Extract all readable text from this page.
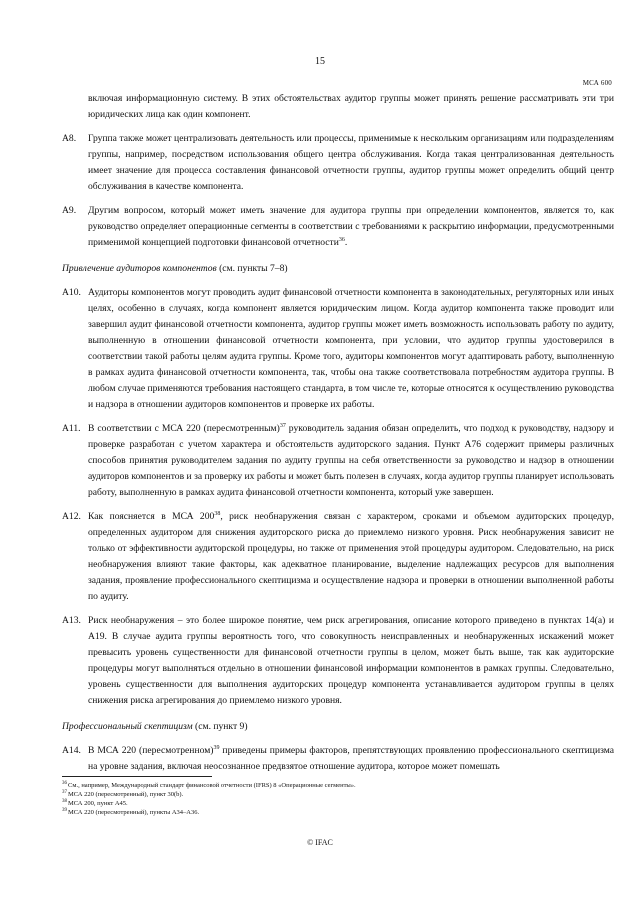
15
МСА 600

включая информационную систему. В этих обстоятельствах аудитор группы может принять решение рассматривать эти три юридических лица как один компонент.

A8. Группа также может централизовать деятельность или процессы, применимые к нескольким организациям или подразделениям группы, например, посредством использования общего центра обслуживания. Когда такая централизованная деятельность имеет значение для процесса составления финансовой отчетности группы, аудитор группы может определить общий центр обслуживания в качестве компонента.
A9. Другим вопросом, который может иметь значение для аудитора группы при определении компонентов, является то, как руководство определяет операционные сегменты в соответствии с требованиями к раскрытию информации, предусмотренными применимой концепцией подготовки финансовой отчетности$^{36}$.
Привлечение аудиторов компонентов (см. пункты 7–8)
A10. Аудиторы компонентов могут проводить аудит финансовой отчетности компонента в законодательных, регуляторных или иных целях, особенно в случаях, когда компонент является юридическим лицом. Когда аудитор компонента также проводит или завершил аудит финансовой отчетности компонента, аудитор группы может иметь возможность использовать работу по аудиту, выполненную в отношении финансовой отчетности компонента, при условии, что аудитор группы удостоверился в соответствии такой работы целям аудита группы. Кроме того, аудиторы компонентов могут адаптировать работу, выполненную в рамках аудита финансовой отчетности компонента, так, чтобы она также соответствовала потребностям аудитора группы. В любом случае применяются требования настоящего стандарта, в том числе те, которые относятся к осуществлению руководства и надзора в отношении аудиторов компонентов и проверке их работы.
A11. В соответствии с МСА 220 (пересмотренным)$^{37}$ руководитель задания обязан определить, что подход к руководству, надзору и проверке разработан с учетом характера и обстоятельств аудиторского задания. Пункт A76 содержит примеры различных способов принятия руководителем задания по аудиту группы на себя ответственности за руководство и надзор в отношении аудиторов компонентов и за проверку их работы и может быть полезен в случаях, когда аудитор группы планирует использовать работу, выполненную в рамках аудита финансовой отчетности компонента, который уже завершен.
A12. Как поясняется в МСА $200^{38}$, риск необнаружения связан с характером, сроками и объемом аудиторских процедур, определенных аудитором для снижения аудиторского риска до приемлемо низкого уровня. Риск необнаружения зависит не только от эффективности аудиторской процедуры, но также от применения этой процедуры аудитором. Следовательно, на риск необнаружения влияют такие факторы, как адекватное планирование, выделение надлежащих ресурсов для выполнения задания, проявление профессионального скептицизма и осуществление надзора и проверки в отношении выполненной работы по аудиту.
A13. Риск необнаружения – это более широкое понятие, чем риск агрегирования, описание которого приведено в пунктах 14(a) и A19. В случае аудита группы вероятность того, что совокупность неисправленных и необнаруженных искажений может превысить уровень существенности для финансовой отчетности группы в целом, может быть выше, так как аудиторские процедуры могут выполняться отдельно в отношении финансовой информации компонентов в рамках группы. Следовательно, уровень существенности для выполнения аудиторских процедур компонента устанавливается аудитором группы в целях снижения риска агрегирования до приемлемо низкого уровня.
Профессиональный скептицизм (см. пункт 9)
A14. В МСА 220 (пересмотренном)$^{39}$ приведены примеры факторов, препятствующих проявлению профессионального скептицизма на уровне задания, включая неосознанное предвзятое отношение аудитора, которое может помешать
$^{36}$См., например, Международный стандарт финансовой отчетности (IFRS) 8 «Операционные сегменты».
$^{37}$МСА 220 (пересмотренный), пункт 30(b).
$^{38}$МСА 200, пункт A45.
$^{39}$МСА 220 (пересмотренный), пункты A34–A36.
© IFAC
